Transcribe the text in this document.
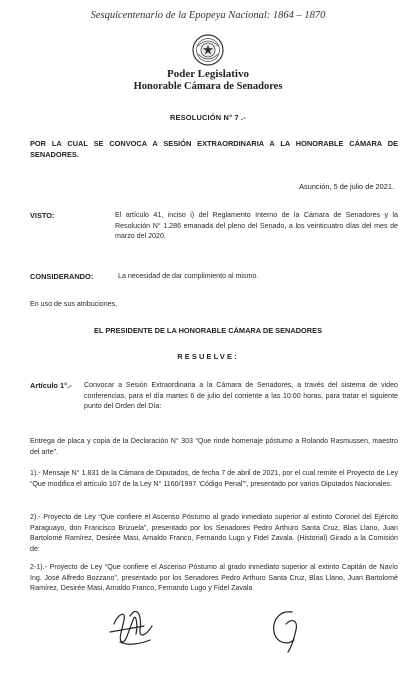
Sesquicentenario de la Epopeya Nacional: 1864 – 1870
Poder Legislativo
Honorable Cámara de Senadores
RESOLUCIÓN N° 7 .-
POR LA CUAL SE CONVOCA A SESIÓN EXTRAORDINARIA A LA HONORABLE CÁMARA DE SENADORES.
Asunción, 5 de julio de 2021.
VISTO:	El artículo 41, inciso i) del Reglamento Interno de la Cámara de Senadores y la Resolución N° 1.286 emanada del pleno del Senado, a los veinticuatro días del mes de marzo del 2020.
CONSIDERANDO:	La necesidad de dar cumplimiento al mismo.
En uso de sus atribuciones,
EL PRESIDENTE DE LA HONORABLE CÁMARA DE SENADORES
RESUELVE:
Artículo 1°.- Convocar a Sesión Extraordinaria a la Cámara de Senadores, a través del sistema de video conferencias, para el día martes 6 de julio del corriente a las 10:00 horas, para tratar el siguiente punto del Orden del Día:
Entrega de placa y copia de la Declaración N° 303 “Que rinde homenaje póstumo a Rolando Rasmussen, maestro del arte”.
1).- Mensaje N° 1.831 de la Cámara de Diputados, de fecha 7 de abril de 2021, por el cual remite el Proyecto de Ley “Que modifica el artículo 107 de la Ley N° 1160/1997 ‘Código Penal’”, presentado por varios Diputados Nacionales.
2).- Proyecto de Ley “Que confiere el Ascenso Póstumo al grado inmediato superior al extinto Coronel del Ejército Paraguayo, don Francisco Brizuela”, presentado por los Senadores Pedro Arthuro Santa Cruz, Blas Llano, Juan Bartolomé Ramírez, Desirée Masi, Arnaldo Franco, Fernando Lugo y Fidel Zavala. (Historial) Girado a la Comisión de:
2-1).- Proyecto de Ley “Que confiere el Ascenso Póstumo al grado inmediato superior al extinto Capitán de Navío Ing. José Alfredo Bozzano”, presentado por los Senadores Pedro Arthuro Santa Cruz, Blas Llano, Juan Bartolomé Ramírez, Desirée Masi, Arnaldo Franco, Fernando Lugo y Fidel Zavala
